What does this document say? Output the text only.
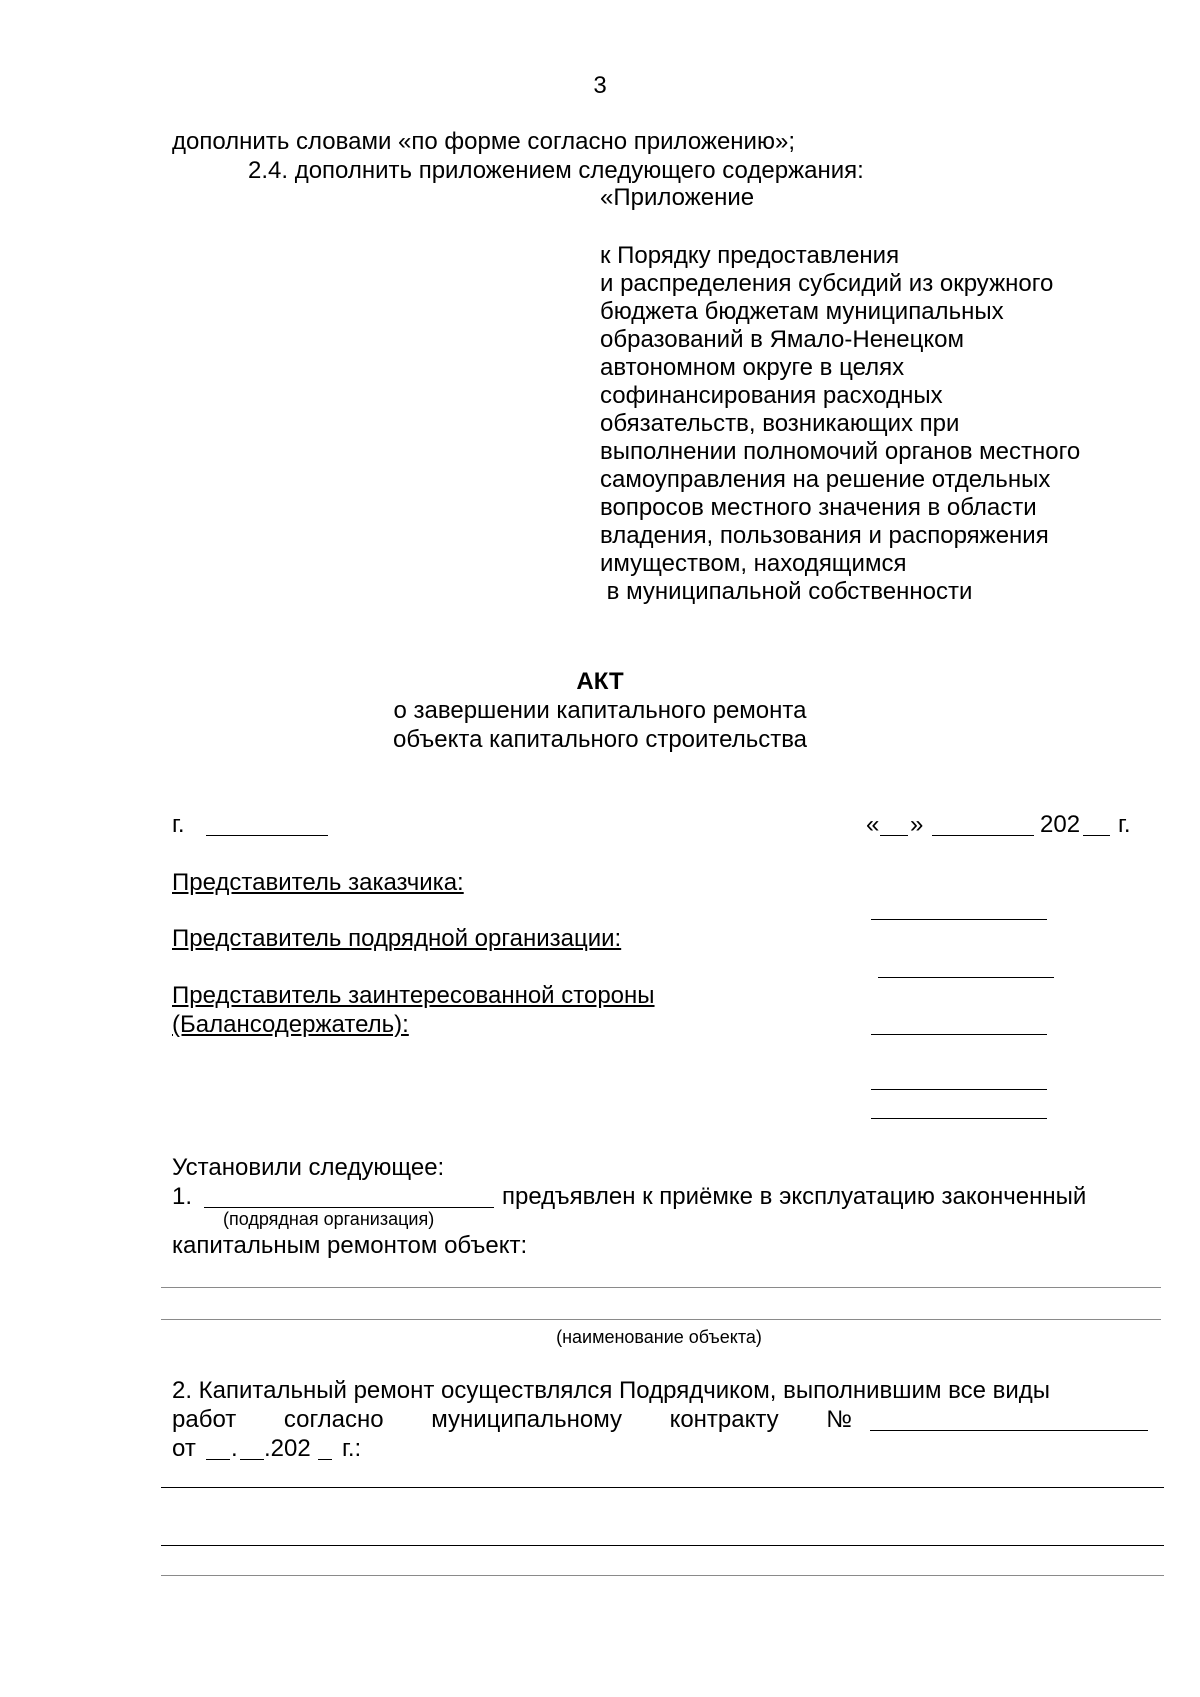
3
дополнить словами «по форме согласно приложению»;
2.4. дополнить приложением следующего содержания:
«Приложение
к Порядку предоставления
и распределения субсидий из окружного
бюджета бюджетам муниципальных
образований в Ямало-Ненецком
автономном округе в целях
софинансирования расходных
обязательств, возникающих при
выполнении полномочий органов местного
самоуправления на решение отдельных
вопросов местного значения в области
владения, пользования и распоряжения
имуществом, находящимся
в муниципальной собственности
АКТ
о завершении капитального ремонта
объекта капитального строительства
г.	« »	202 г.
Представитель заказчика:
Представитель подрядной организации:
Представитель заинтересованной стороны
(Балансодержатель):
Установили следующее:
1.	предъявлен к приёмке в эксплуатацию законченный
(подрядная организация)
капитальным ремонтом объект:
(наименование объекта)
2. Капитальный ремонт осуществлялся Подрядчиком, выполнившим все виды
работ согласно муниципальному контракту №
от . .202 г.:
